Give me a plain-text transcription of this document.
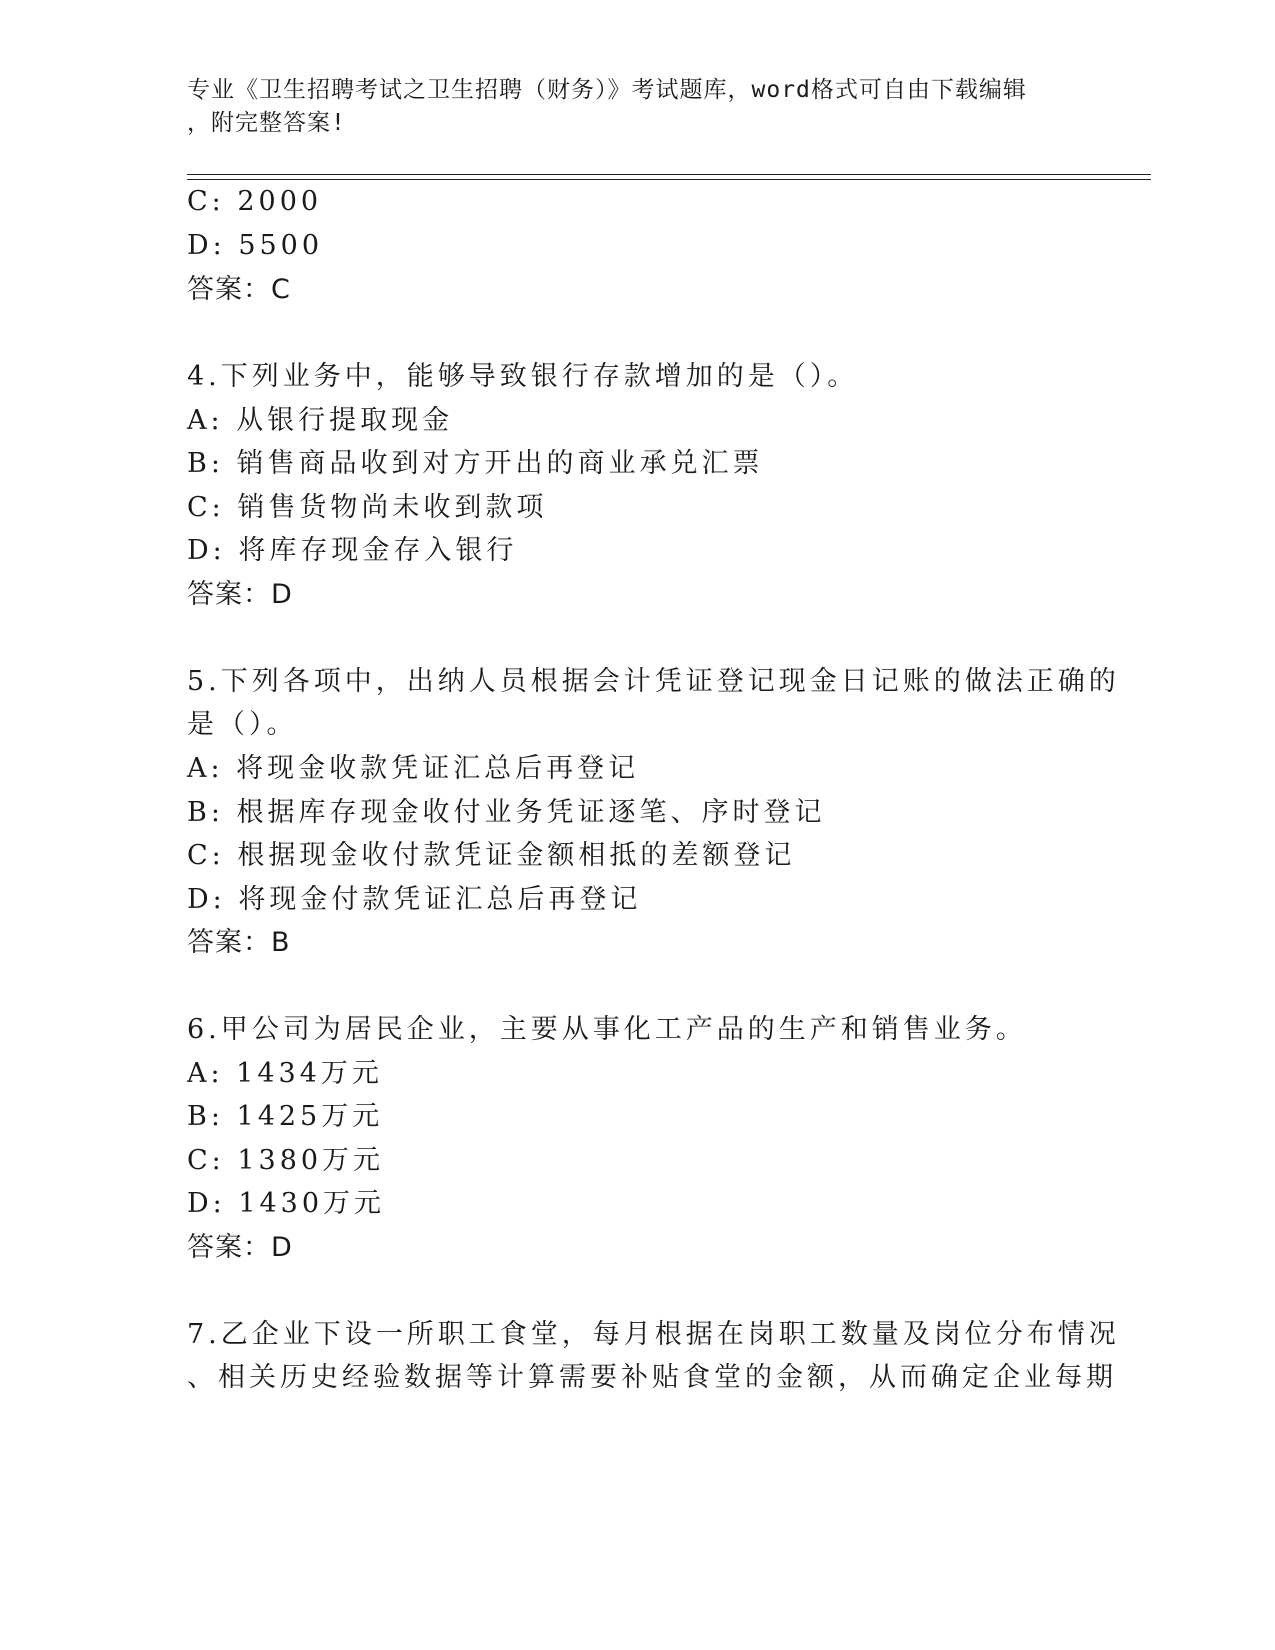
专业《卫生招聘考试之卫生招聘（财务）》考试题库，word格式可自由下载编辑
，附完整答案!
C: 2000
D: 5500
答案：C
4.下列业务中，能够导致银行存款增加的是（）。
A: 从银行提取现金
B: 销售商品收到对方开出的商业承兑汇票
C: 销售货物尚未收到款项
D: 将库存现金存入银行
答案：D
5.下列各项中，出纳人员根据会计凭证登记现金日记账的做法正确的
是（）。
A: 将现金收款凭证汇总后再登记
B: 根据库存现金收付业务凭证逐笔、序时登记
C: 根据现金收付款凭证金额相抵的差额登记
D: 将现金付款凭证汇总后再登记
答案：B
6.甲公司为居民企业，主要从事化工产品的生产和销售业务。
A: 1434万元
B: 1425万元
C: 1380万元
D: 1430万元
答案：D
7.乙企业下设一所职工食堂，每月根据在岗职工数量及岗位分布情况
、相关历史经验数据等计算需要补贴食堂的金额，从而确定企业每期
